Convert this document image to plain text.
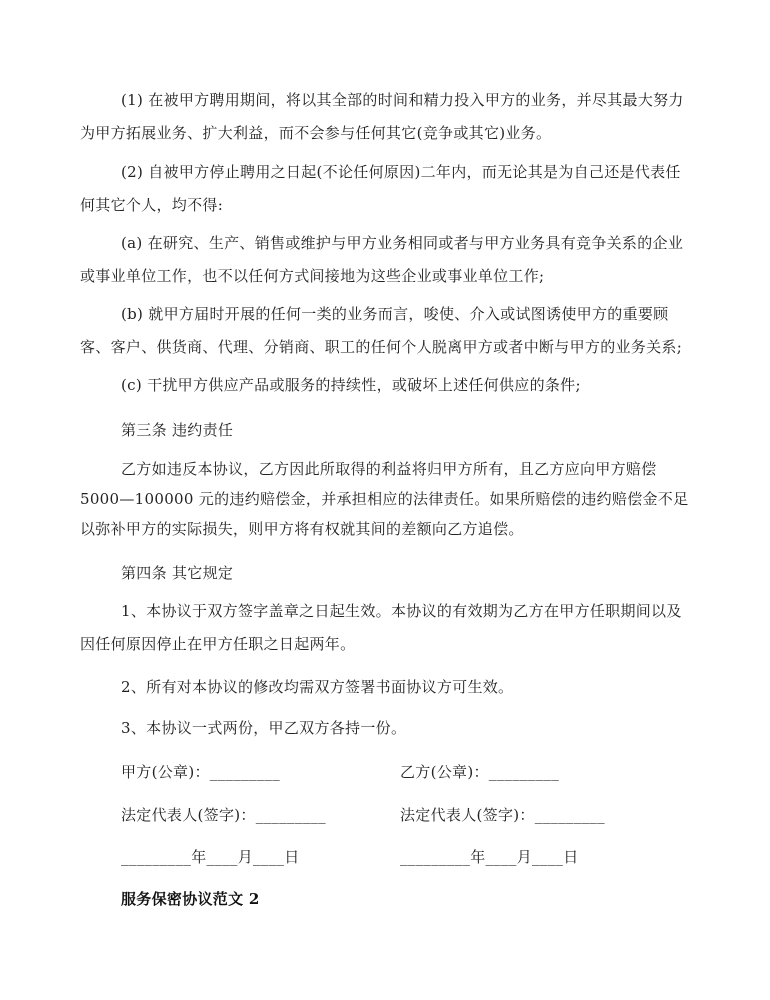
(1) 在被甲方聘用期间，将以其全部的时间和精力投入甲方的业务，并尽其最大努力为甲方拓展业务、扩大利益，而不会参与任何其它(竞争或其它)业务。

(2) 自被甲方停止聘用之日起(不论任何原因)二年内，而无论其是为自己还是代表任何其它个人，均不得:

(a) 在研究、生产、销售或维护与甲方业务相同或者与甲方业务具有竞争关系的企业或事业单位工作，也不以任何方式间接地为这些企业或事业单位工作;

(b) 就甲方届时开展的任何一类的业务而言，唆使、介入或试图诱使甲方的重要顾客、客户、供货商、代理、分销商、职工的任何个人脱离甲方或者中断与甲方的业务关系;

(c) 干扰甲方供应产品或服务的持续性，或破坏上述任何供应的条件;

第三条 违约责任

乙方如违反本协议，乙方因此所取得的利益将归甲方所有，且乙方应向甲方赔偿

5000—100000 元的违约赔偿金，并承担相应的法律责任。如果所赔偿的违约赔偿金不足

以弥补甲方的实际损失，则甲方将有权就其间的差额向乙方追偿。

第四条 其它规定

1、本协议于双方签字盖章之日起生效。本协议的有效期为乙方在甲方任职期间以及因任何原因停止在甲方任职之日起两年。

2、所有对本协议的修改均需双方签署书面协议方可生效。

3、本协议一式两份，甲乙双方各持一份。

甲方(公章)：_________	乙方(公章)：_________

法定代表人(签字)：_________	法定代表人(签字)：_________

_________年____月____日	_________年____月____日

服务保密协议范文 2
